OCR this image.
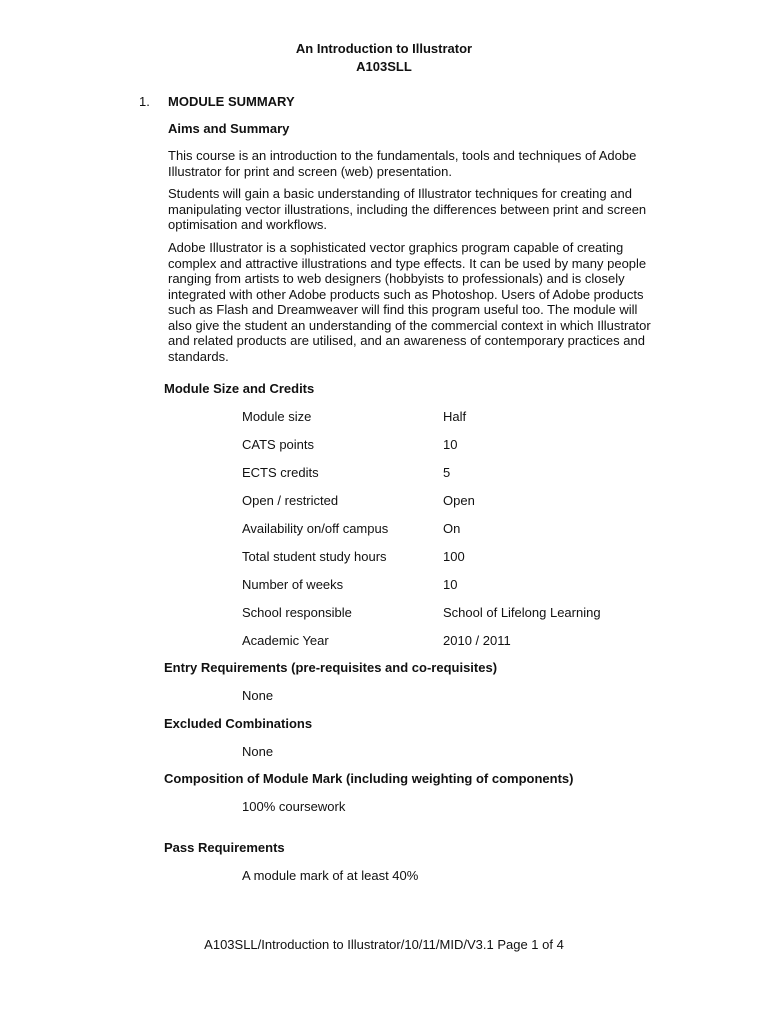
An Introduction to Illustrator
A103SLL
1. MODULE SUMMARY
Aims and Summary
This course is an introduction to the fundamentals, tools and techniques of Adobe Illustrator for print and screen (web) presentation.
Students will gain a basic understanding of Illustrator techniques for creating and manipulating vector illustrations, including the differences between print and screen optimisation and workflows.
Adobe Illustrator is a sophisticated vector graphics program capable of creating complex and attractive illustrations and type effects. It can be used by many people ranging from artists to web designers (hobbyists to professionals) and is closely integrated with other Adobe products such as Photoshop. Users of Adobe products such as Flash and Dreamweaver will find this program useful too. The module will also give the student an understanding of the commercial context in which Illustrator and related products are utilised, and an awareness of contemporary practices and standards.
Module Size and Credits
Module size	Half
CATS points	10
ECTS credits	5
Open / restricted	Open
Availability on/off campus	On
Total student study hours	100
Number of weeks	10
School responsible	School of Lifelong Learning
Academic Year	2010 / 2011
Entry Requirements (pre-requisites and co-requisites)
None
Excluded Combinations
None
Composition of Module Mark (including weighting of components)
100% coursework
Pass Requirements
A module mark of at least 40%
A103SLL/Introduction to Illustrator/10/11/MID/V3.1 Page 1 of 4
